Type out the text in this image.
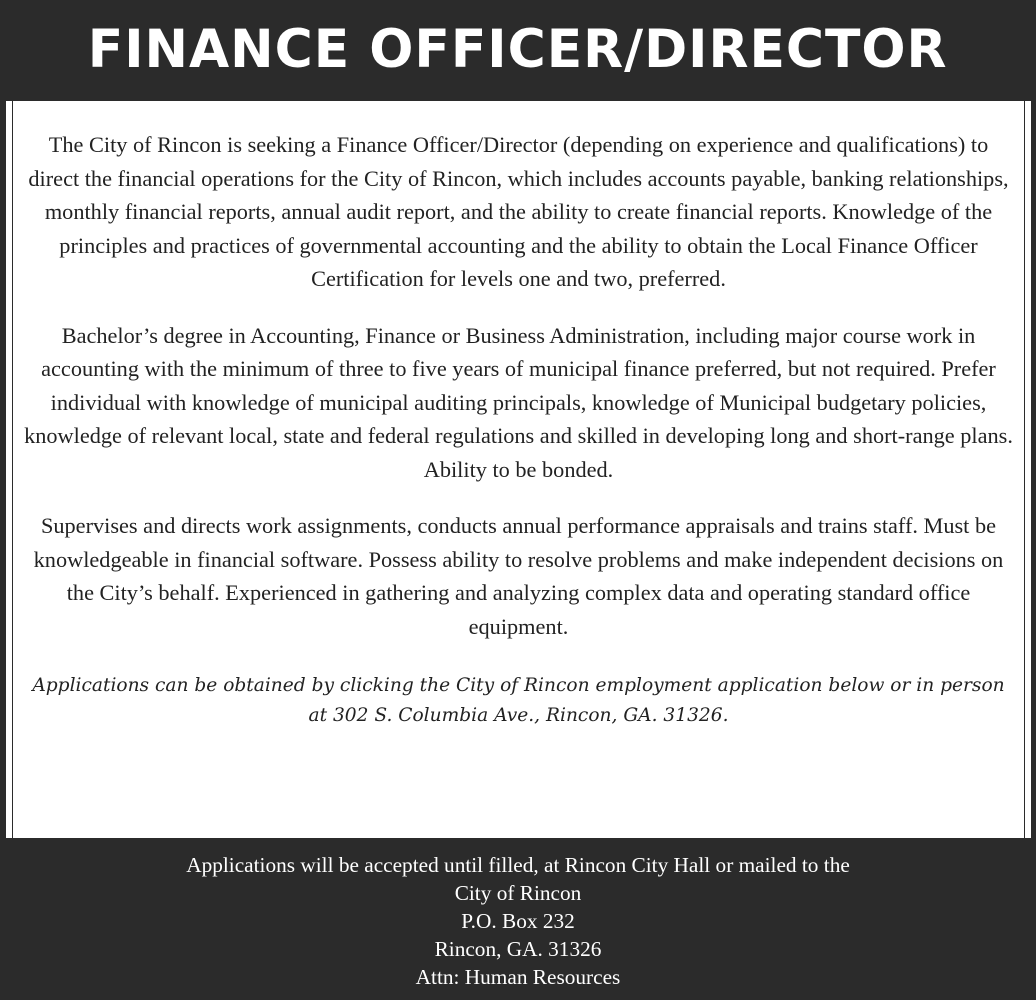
FINANCE OFFICER/DIRECTOR

The City of Rincon is seeking a Finance Officer/Director (depending on experience and qualifications) to direct the financial operations for the City of Rincon, which includes accounts payable, banking relationships, monthly financial reports, annual audit report, and the ability to create financial reports. Knowledge of the principles and practices of governmental accounting and the ability to obtain the Local Finance Officer Certification for levels one and two, preferred.

Bachelor’s degree in Accounting, Finance or Business Administration, including major course work in accounting with the minimum of three to five years of municipal finance preferred, but not required. Prefer individual with knowledge of municipal auditing principals, knowledge of Municipal budgetary policies, knowledge of relevant local, state and federal regulations and skilled in developing long and short-range plans. Ability to be bonded.

Supervises and directs work assignments, conducts annual performance appraisals and trains staff. Must be knowledgeable in financial software. Possess ability to resolve problems and make independent decisions on the City’s behalf. Experienced in gathering and analyzing complex data and operating standard office equipment.

Applications can be obtained by clicking the City of Rincon employment application below or in person at 302 S. Columbia Ave., Rincon, GA. 31326.

Applications will be accepted until filled, at Rincon City Hall or mailed to the
City of Rincon
P.O. Box 232
Rincon, GA. 31326
Attn: Human Resources
